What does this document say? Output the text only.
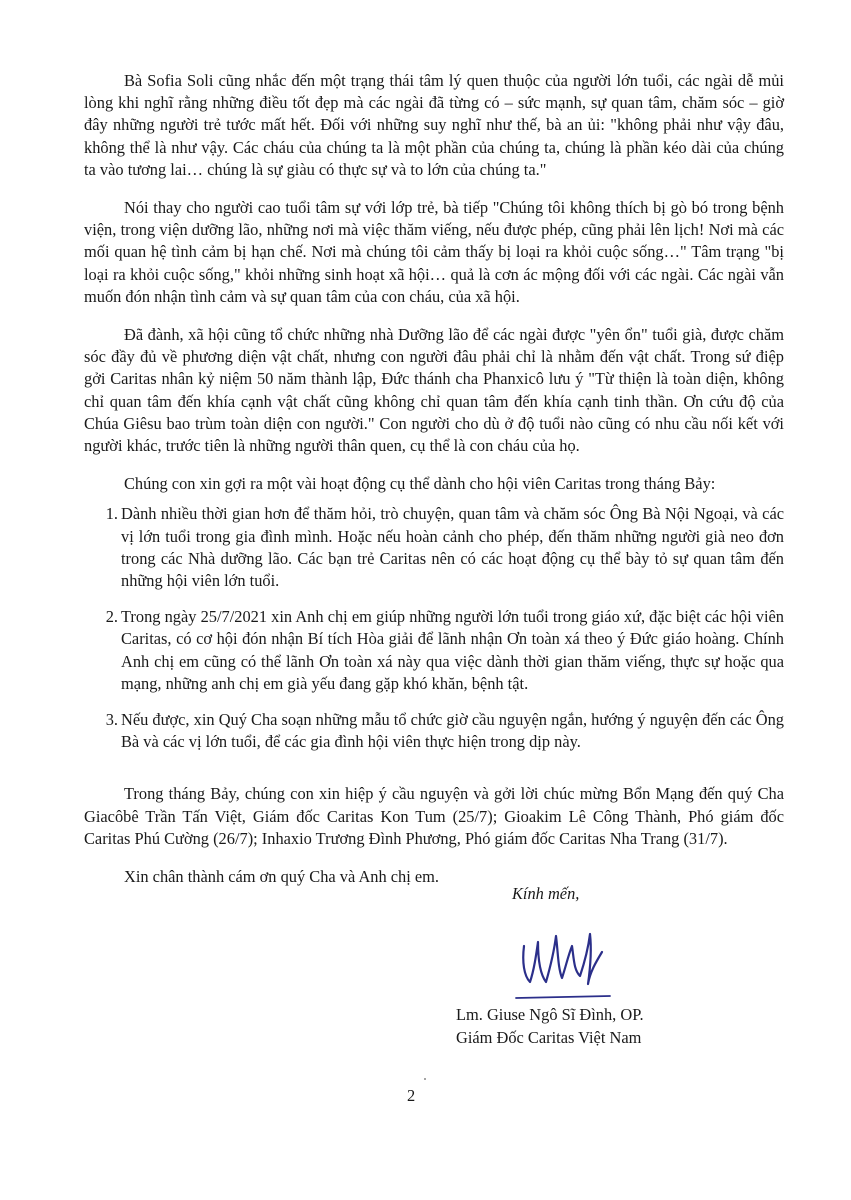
Bà Sofia Soli cũng nhắc đến một trạng thái tâm lý quen thuộc của người lớn tuổi, các ngài dễ mủi lòng khi nghĩ rằng những điều tốt đẹp mà các ngài đã từng có – sức mạnh, sự quan tâm, chăm sóc – giờ đây những người trẻ tước mất hết. Đối với những suy nghĩ như thế, bà an ủi: "không phải như vậy đâu, không thể là như vậy. Các cháu của chúng ta là một phần của chúng ta, chúng là phần kéo dài của chúng ta vào tương lai… chúng là sự giàu có thực sự và to lớn của chúng ta."

Nói thay cho người cao tuổi tâm sự với lớp trẻ, bà tiếp "Chúng tôi không thích bị gò bó trong bệnh viện, trong viện dưỡng lão, những nơi mà việc thăm viếng, nếu được phép, cũng phải lên lịch! Nơi mà các mối quan hệ tình cảm bị hạn chế. Nơi mà chúng tôi cảm thấy bị loại ra khỏi cuộc sống…" Tâm trạng "bị loại ra khỏi cuộc sống," khỏi những sinh hoạt xã hội… quả là cơn ác mộng đối với các ngài. Các ngài vẫn muốn đón nhận tình cảm và sự quan tâm của con cháu, của xã hội.

Đã đành, xã hội cũng tổ chức những nhà Dưỡng lão để các ngài được "yên ổn" tuổi già, được chăm sóc đầy đủ về phương diện vật chất, nhưng con người đâu phải chỉ là nhằm đến vật chất. Trong sứ điệp gởi Caritas nhân kỷ niệm 50 năm thành lập, Đức thánh cha Phanxicô lưu ý "Từ thiện là toàn diện, không chỉ quan tâm đến khía cạnh vật chất cũng không chỉ quan tâm đến khía cạnh tinh thần. Ơn cứu độ của Chúa Giêsu bao trùm toàn diện con người." Con người cho dù ở độ tuổi nào cũng có nhu cầu nối kết với người khác, trước tiên là những người thân quen, cụ thể là con cháu của họ.

Chúng con xin gợi ra một vài hoạt động cụ thể dành cho hội viên Caritas trong tháng Bảy:

1 . Dành nhiều thời gian hơn để thăm hỏi, trò chuyện, quan tâm và chăm sóc Ông Bà Nội Ngoại, và các vị lớn tuổi trong gia đình mình. Hoặc nếu hoàn cảnh cho phép, đến thăm những người già neo đơn trong các Nhà dưỡng lão. Các bạn trẻ Caritas nên có các hoạt động cụ thể bày tỏ sự quan tâm đến những hội viên lớn tuổi.
2 . Trong ngày 25/7/2021 xin Anh chị em giúp những người lớn tuổi trong giáo xứ, đặc biệt các hội viên Caritas, có cơ hội đón nhận Bí tích Hòa giải để lãnh nhận Ơn toàn xá theo ý Đức giáo hoàng. Chính Anh chị em cũng có thể lãnh Ơn toàn xá này qua việc dành thời gian thăm viếng, thực sự hoặc qua mạng, những anh chị em già yếu đang gặp khó khăn, bệnh tật.
3 . Nếu được, xin Quý Cha soạn những mẫu tổ chức giờ cầu nguyện ngắn, hướng ý nguyện đến các Ông Bà và các vị lớn tuổi, để các gia đình hội viên thực hiện trong dịp này.

Trong tháng Bảy, chúng con xin hiệp ý cầu nguyện và gởi lời chúc mừng Bổn Mạng đến quý Cha Giacôbê Trần Tấn Việt, Giám đốc Caritas Kon Tum (25/7); Gioakim Lê Công Thành, Phó giám đốc Caritas Phú Cường (26/7); Inhaxio Trương Đình Phương, Phó giám đốc Caritas Nha Trang (31/7).

Xin chân thành cám ơn quý Cha và Anh chị em.

Kính mến,
Lm. Giuse Ngô Sĩ Đình, OP.
Giám Đốc Caritas Việt Nam
2
